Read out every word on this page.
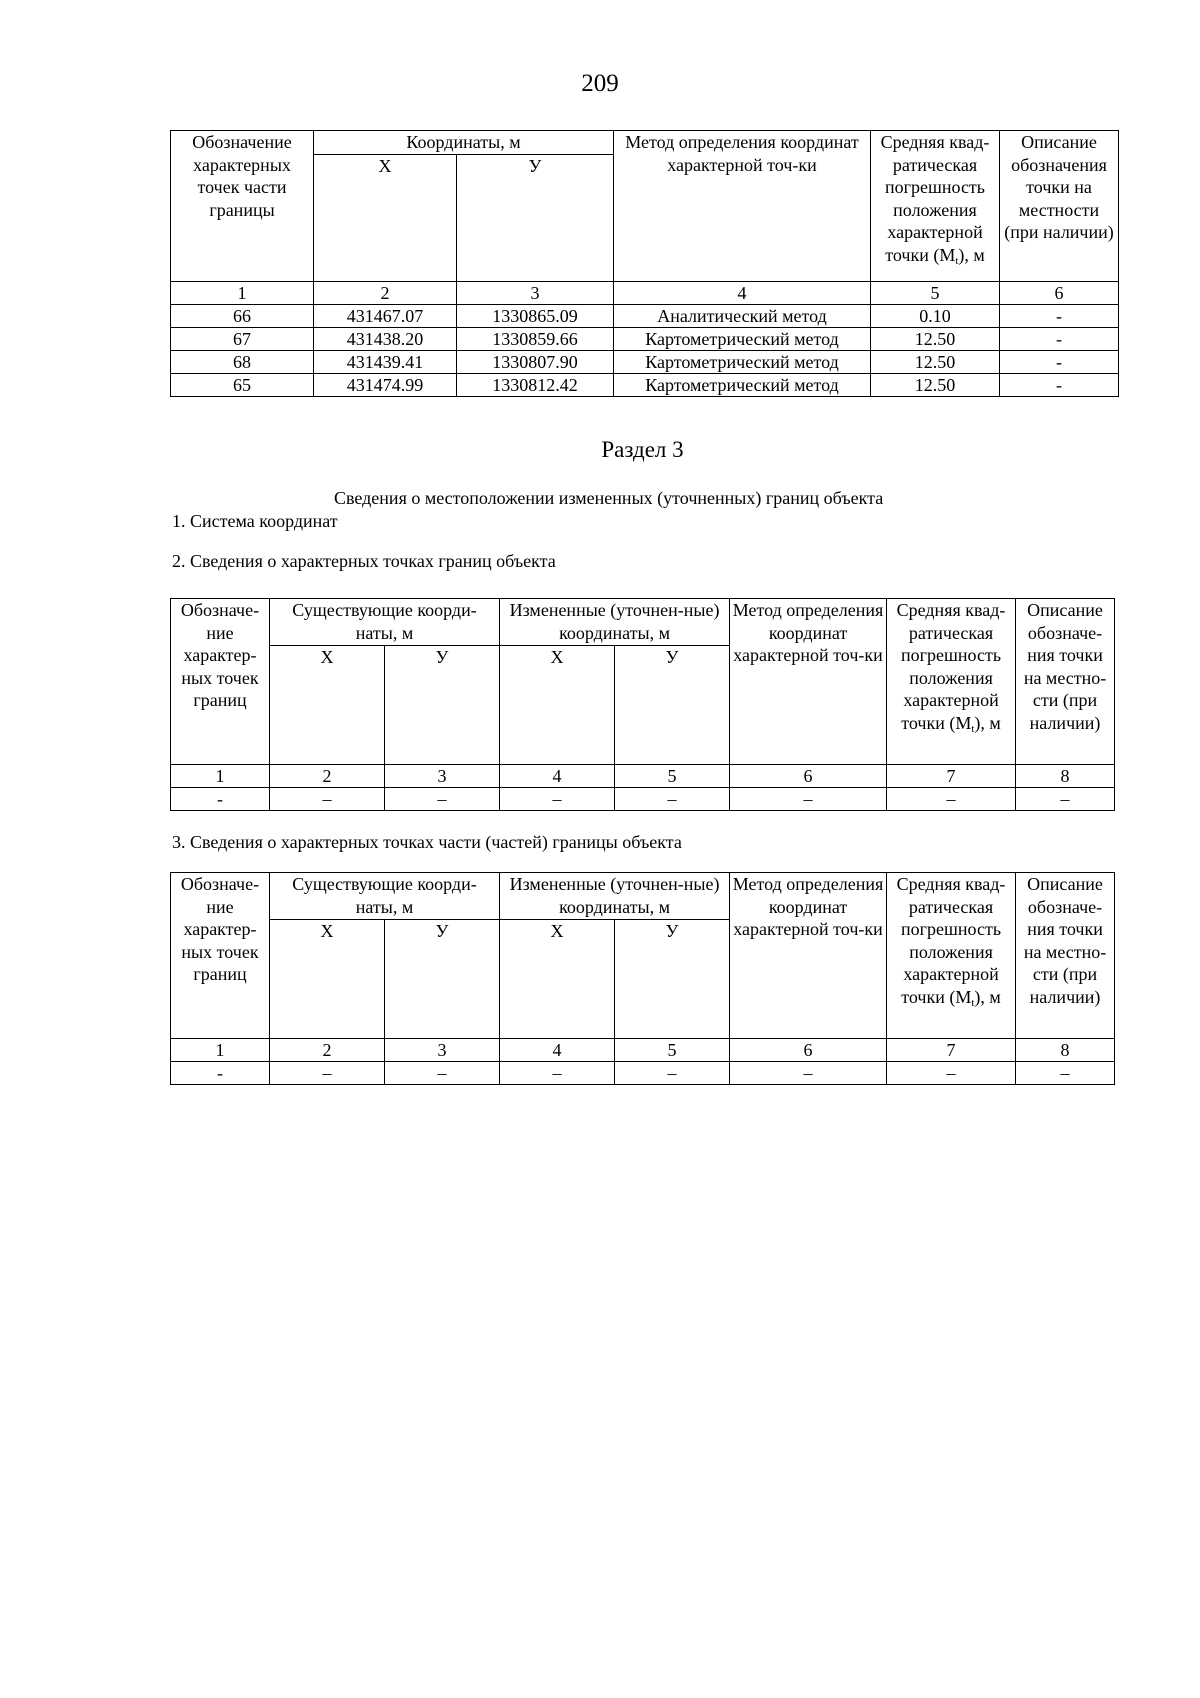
209
Обозначение характерных точек части границы	Координаты, м		Метод определения координат характерной точ-ки	Средняя квад-ратическая погрешность положения характерной точки $(M_t)$, м	Описание обозначения точки на местности (при наличии)
	X	У			
1	2	3	4	5	6
66	431467.07	1330865.09	Аналитический метод	0.10	-
67	431438.20	1330859.66	Картометрический метод	12.50	-
68	431439.41	1330807.90	Картометрический метод	12.50	-
65	431474.99	1330812.42	Картометрический метод	12.50	-
Раздел 3
Сведения о местоположении измененных (уточненных) границ объекта
1. Система координат
2. Сведения о характерных точках границ объекта
Обозначе-ние характер-ных точек границ	Существующие коорди-наты, м		Измененные (уточнен-ные) координаты, м		Метод определения координат характерной точ-ки	Средняя квад-ратическая погрешность положения характерной точки $(M_t)$, м	Описание обозначе-ния точки на местно-сти (при наличии)
	X	У	X	У			
1	2	3	4	5	6	7	8
-	–	–	–	–	–	–	–
3. Сведения о характерных точках части (частей) границы объекта
Обозначе-ние характер-ных точек границ	Существующие коорди-наты, м		Измененные (уточнен-ные) координаты, м		Метод определения координат характерной точ-ки	Средняя квад-ратическая погрешность положения характерной точки $(M_t)$, м	Описание обозначе-ния точки на местно-сти (при наличии)
	X	У	X	У			
1	2	3	4	5	6	7	8
-	–	–	–	–	–	–	–
